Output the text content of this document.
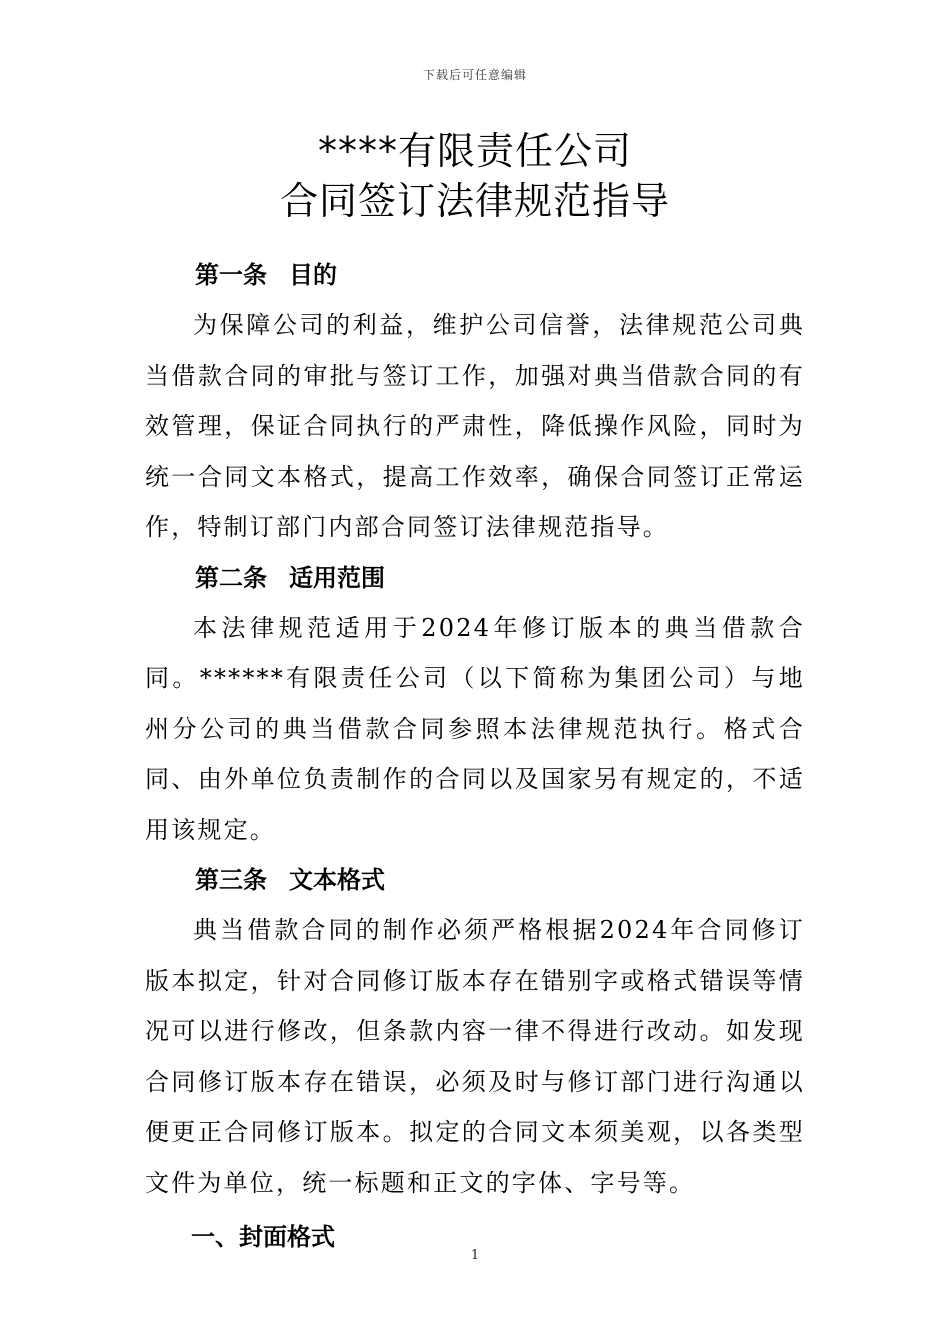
下载后可任意编辑
****有限责任公司
合同签订法律规范指导
第一条 目的

为保障公司的利益，维护公司信誉，法律规范公司典当借款合同的审批与签订工作，加强对典当借款合同的有效管理，保证合同执行的严肃性，降低操作风险，同时为统一合同文本格式，提高工作效率，确保合同签订正常运作，特制订部门内部合同签订法律规范指导。

第二条 适用范围

本法律规范适用于2024年修订版本的典当借款合同。******有限责任公司（以下简称为集团公司）与地州分公司的典当借款合同参照本法律规范执行。格式合同、由外单位负责制作的合同以及国家另有规定的，不适用该规定。

第三条 文本格式

典当借款合同的制作必须严格根据2024年合同修订版本拟定，针对合同修订版本存在错别字或格式错误等情况可以进行修改，但条款内容一律不得进行改动。如发现合同修订版本存在错误，必须及时与修订部门进行沟通以便更正合同修订版本。拟定的合同文本须美观，以各类型文件为单位，统一标题和正文的字体、字号等。

一、封面格式
1
